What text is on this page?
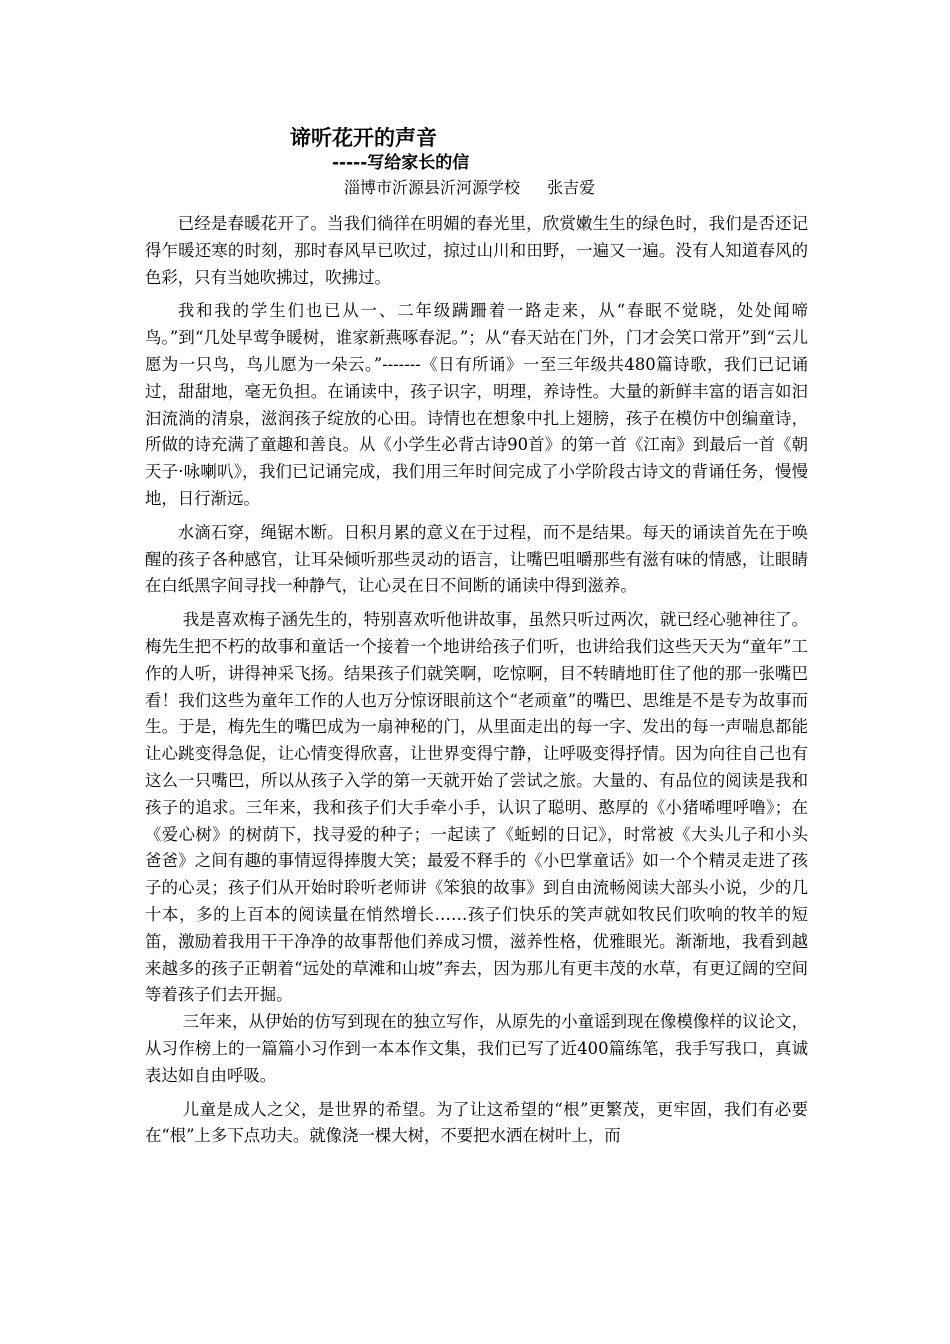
谛听花开的声音
-----写给家长的信
淄博市沂源县沂河源学校 张吉爱

已经是春暖花开了。当我们徜徉在明媚的春光里，欣赏嫩生生的绿色时，我们是否还记得乍暖还寒的时刻，那时春风早已吹过，掠过山川和田野，一遍又一遍。没有人知道春风的色彩，只有当她吹拂过，吹拂过。

我和我的学生们也已从一、二年级蹒跚着一路走来，从“春眠不觉晓，处处闻啼鸟。”到“几处早莺争暖树，谁家新燕啄春泥。”；从“春天站在门外，门才会笑口常开”到“云儿愿为一只鸟，鸟儿愿为一朵云。”-------《日有所诵》一至三年级共480篇诗歌，我们已记诵过，甜甜地，毫无负担。在诵读中，孩子识字，明理，养诗性。大量的新鲜丰富的语言如汩汩流淌的清泉，滋润孩子绽放的心田。诗情也在想象中扎上翅膀，孩子在模仿中创编童诗，所做的诗充满了童趣和善良。从《小学生必背古诗90首》的第一首《江南》到最后一首《朝天子·咏喇叭》，我们已记诵完成，我们用三年时间完成了小学阶段古诗文的背诵任务，慢慢地，日行渐远。

水滴石穿，绳锯木断。日积月累的意义在于过程，而不是结果。每天的诵读首先在于唤醒的孩子各种感官，让耳朵倾听那些灵动的语言，让嘴巴咀嚼那些有滋有味的情感，让眼睛在白纸黑字间寻找一种静气，让心灵在日不间断的诵读中得到滋养。

我是喜欢梅子涵先生的，特别喜欢听他讲故事，虽然只听过两次，就已经心驰神往了。梅先生把不朽的故事和童话一个接着一个地讲给孩子们听，也讲给我们这些天天为“童年”工作的人听，讲得神采飞扬。结果孩子们就笑啊，吃惊啊，目不转睛地盯住了他的那一张嘴巴看！我们这些为童年工作的人也万分惊讶眼前这个“老顽童”的嘴巴、思维是不是专为故事而生。于是，梅先生的嘴巴成为一扇神秘的门，从里面走出的每一字、发出的每一声喘息都能让心跳变得急促，让心情变得欣喜，让世界变得宁静，让呼吸变得抒情。因为向往自己也有这么一只嘴巴，所以从孩子入学的第一天就开始了尝试之旅。大量的、有品位的阅读是我和孩子的追求。三年来，我和孩子们大手牵小手，认识了聪明、憨厚的《小猪唏哩呼噜》；在《爱心树》的树荫下，找寻爱的种子；一起读了《蚯蚓的日记》，时常被《大头儿子和小头爸爸》之间有趣的事情逗得捧腹大笑；最爱不释手的《小巴掌童话》如一个个精灵走进了孩子的心灵；孩子们从开始时聆听老师讲《笨狼的故事》到自由流畅阅读大部头小说，少的几十本，多的上百本的阅读量在悄然增长……孩子们快乐的笑声就如牧民们吹响的牧羊的短笛，激励着我用干干净净的故事帮他们养成习惯，滋养性格，优雅眼光。渐渐地，我看到越来越多的孩子正朝着“远处的草滩和山坡”奔去，因为那儿有更丰茂的水草，有更辽阔的空间等着孩子们去开掘。

三年来，从伊始的仿写到现在的独立写作，从原先的小童谣到现在像模像样的议论文，从习作榜上的一篇篇小习作到一本本作文集，我们已写了近400篇练笔，我手写我口，真诚表达如自由呼吸。

儿童是成人之父，是世界的希望。为了让这希望的“根”更繁茂，更牢固，我们有必要在“根”上多下点功夫。就像浇一棵大树，不要把水洒在树叶上，而
